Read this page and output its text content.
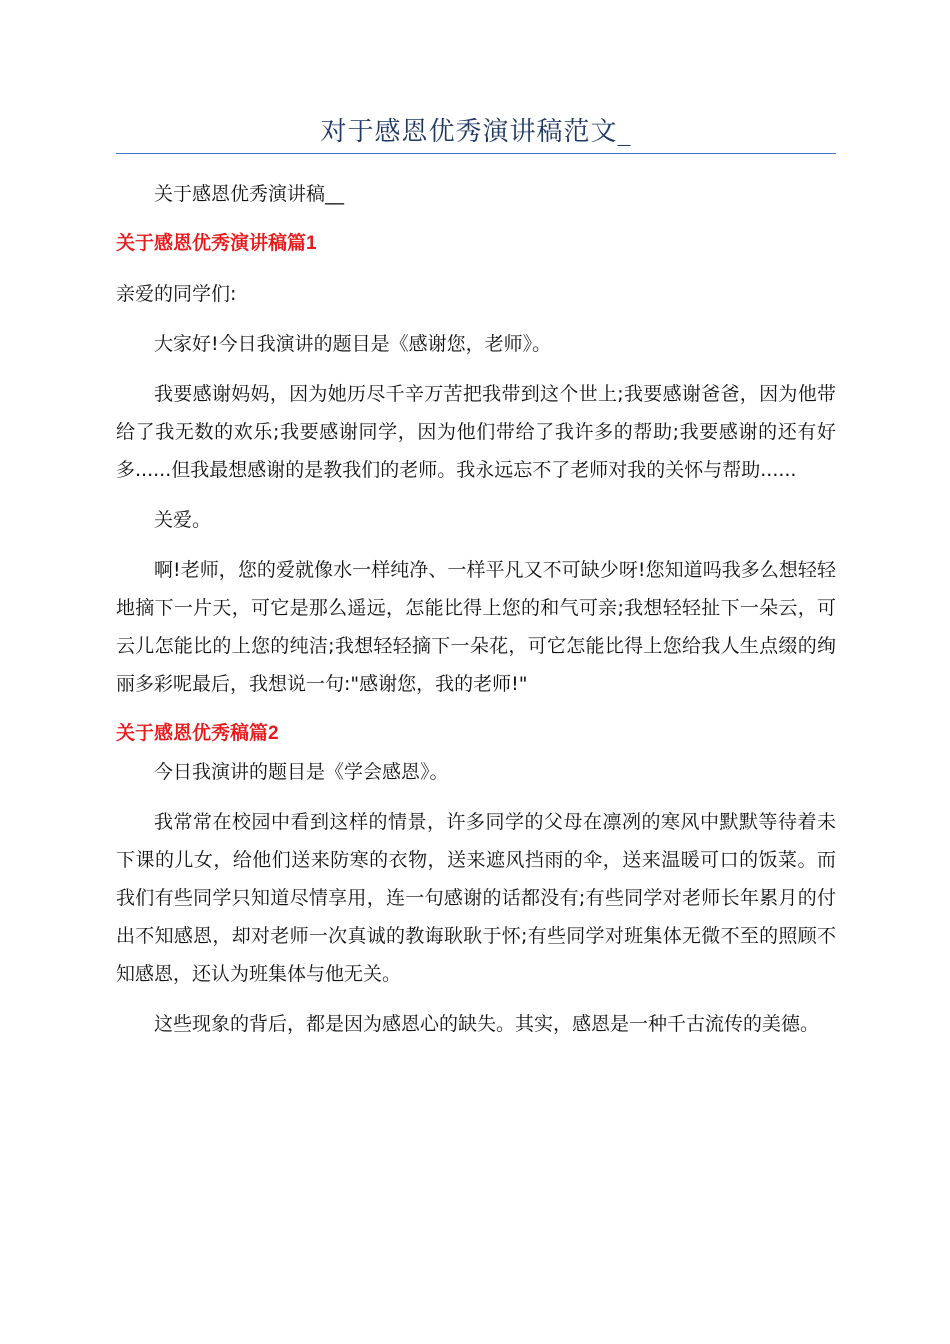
对于感恩优秀演讲稿范文_

关于感恩优秀演讲稿__

关于感恩优秀演讲稿篇1

亲爱的同学们:

大家好!今日我演讲的题目是《感谢您，老师》。

我要感谢妈妈，因为她历尽千辛万苦把我带到这个世上;我要感谢爸爸，因为他带给了我无数的欢乐;我要感谢同学，因为他们带给了我许多的帮助;我要感谢的还有好多......但我最想感谢的是教我们的老师。我永远忘不了老师对我的关怀与帮助......

关爱。

啊!老师，您的爱就像水一样纯净、一样平凡又不可缺少呀!您知道吗我多么想轻轻地摘下一片天，可它是那么遥远，怎能比得上您的和气可亲;我想轻轻扯下一朵云，可云儿怎能比的上您的纯洁;我想轻轻摘下一朵花，可它怎能比得上您给我人生点缀的绚丽多彩呢最后，我想说一句:"感谢您，我的老师!"

关于感恩优秀稿篇2

今日我演讲的题目是《学会感恩》。

我常常在校园中看到这样的情景，许多同学的父母在凛冽的寒风中默默等待着未下课的儿女，给他们送来防寒的衣物，送来遮风挡雨的伞，送来温暖可口的饭菜。而我们有些同学只知道尽情享用，连一句感谢的话都没有;有些同学对老师长年累月的付出不知感恩，却对老师一次真诚的教诲耿耿于怀;有些同学对班集体无微不至的照顾不知感恩，还认为班集体与他无关。

这些现象的背后，都是因为感恩心的缺失。其实，感恩是一种千古流传的美德。
